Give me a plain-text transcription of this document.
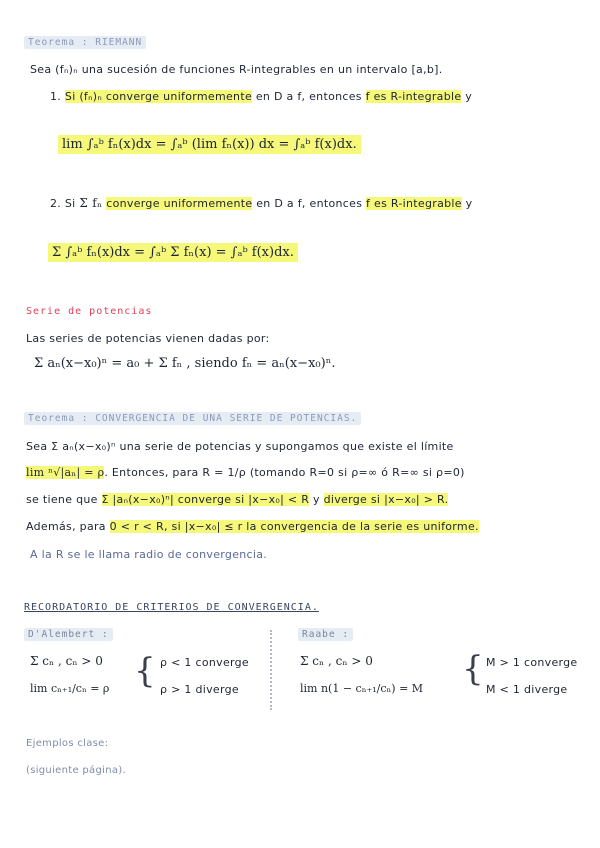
Teorema : RIEMANN
Sea (fₙ)ₙ una sucesión de funciones R-integrables en un intervalo [a,b].
1. Si (fₙ)ₙ converge uniformemente en D a f, entonces f es R-integrable y
lim ∫ₐᵇ fₙ(x)dx = ∫ₐᵇ (lim fₙ(x)) dx = ∫ₐᵇ f(x)dx.
2. Si Σ fₙ converge uniformemente en D a f, entonces f es R-integrable y
Σ ∫ₐᵇ fₙ(x)dx = ∫ₐᵇ Σ fₙ(x) = ∫ₐᵇ f(x)dx.
Serie de potencias
Las series de potencias vienen dadas por:
Σ aₙ(x−x₀)ⁿ = a₀ + Σ fₙ , siendo fₙ = aₙ(x−x₀)ⁿ.
Teorema : CONVERGENCIA DE UNA SERIE DE POTENCIAS.
Sea Σ aₙ(x−x₀)ⁿ una serie de potencias y supongamos que existe el límite
lim ⁿ√|aₙ| = ρ. Entonces, para R = 1/ρ (tomando R=0 si ρ=∞ ó R=∞ si ρ=0)
se tiene que Σ |aₙ(x−x₀)ⁿ| converge si |x−x₀| < R y diverge si |x−x₀| > R.
Además, para 0 < r < R, si |x−x₀| ≤ r la convergencia de la serie es uniforme.
A la R se le llama radio de convergencia.
RECORDATORIO DE CRITERIOS DE CONVERGENCIA.
D'Alembert :
Σ cₙ , cₙ > 0
lim cₙ₊₁/cₙ = ρ { ρ < 1 converge
ρ > 1 diverge
Raabe :
Σ cₙ , cₙ > 0
lim n(1 − cₙ₊₁/cₙ) = M { M > 1 converge
M < 1 diverge
Ejemplos clase:
(siguiente página).
